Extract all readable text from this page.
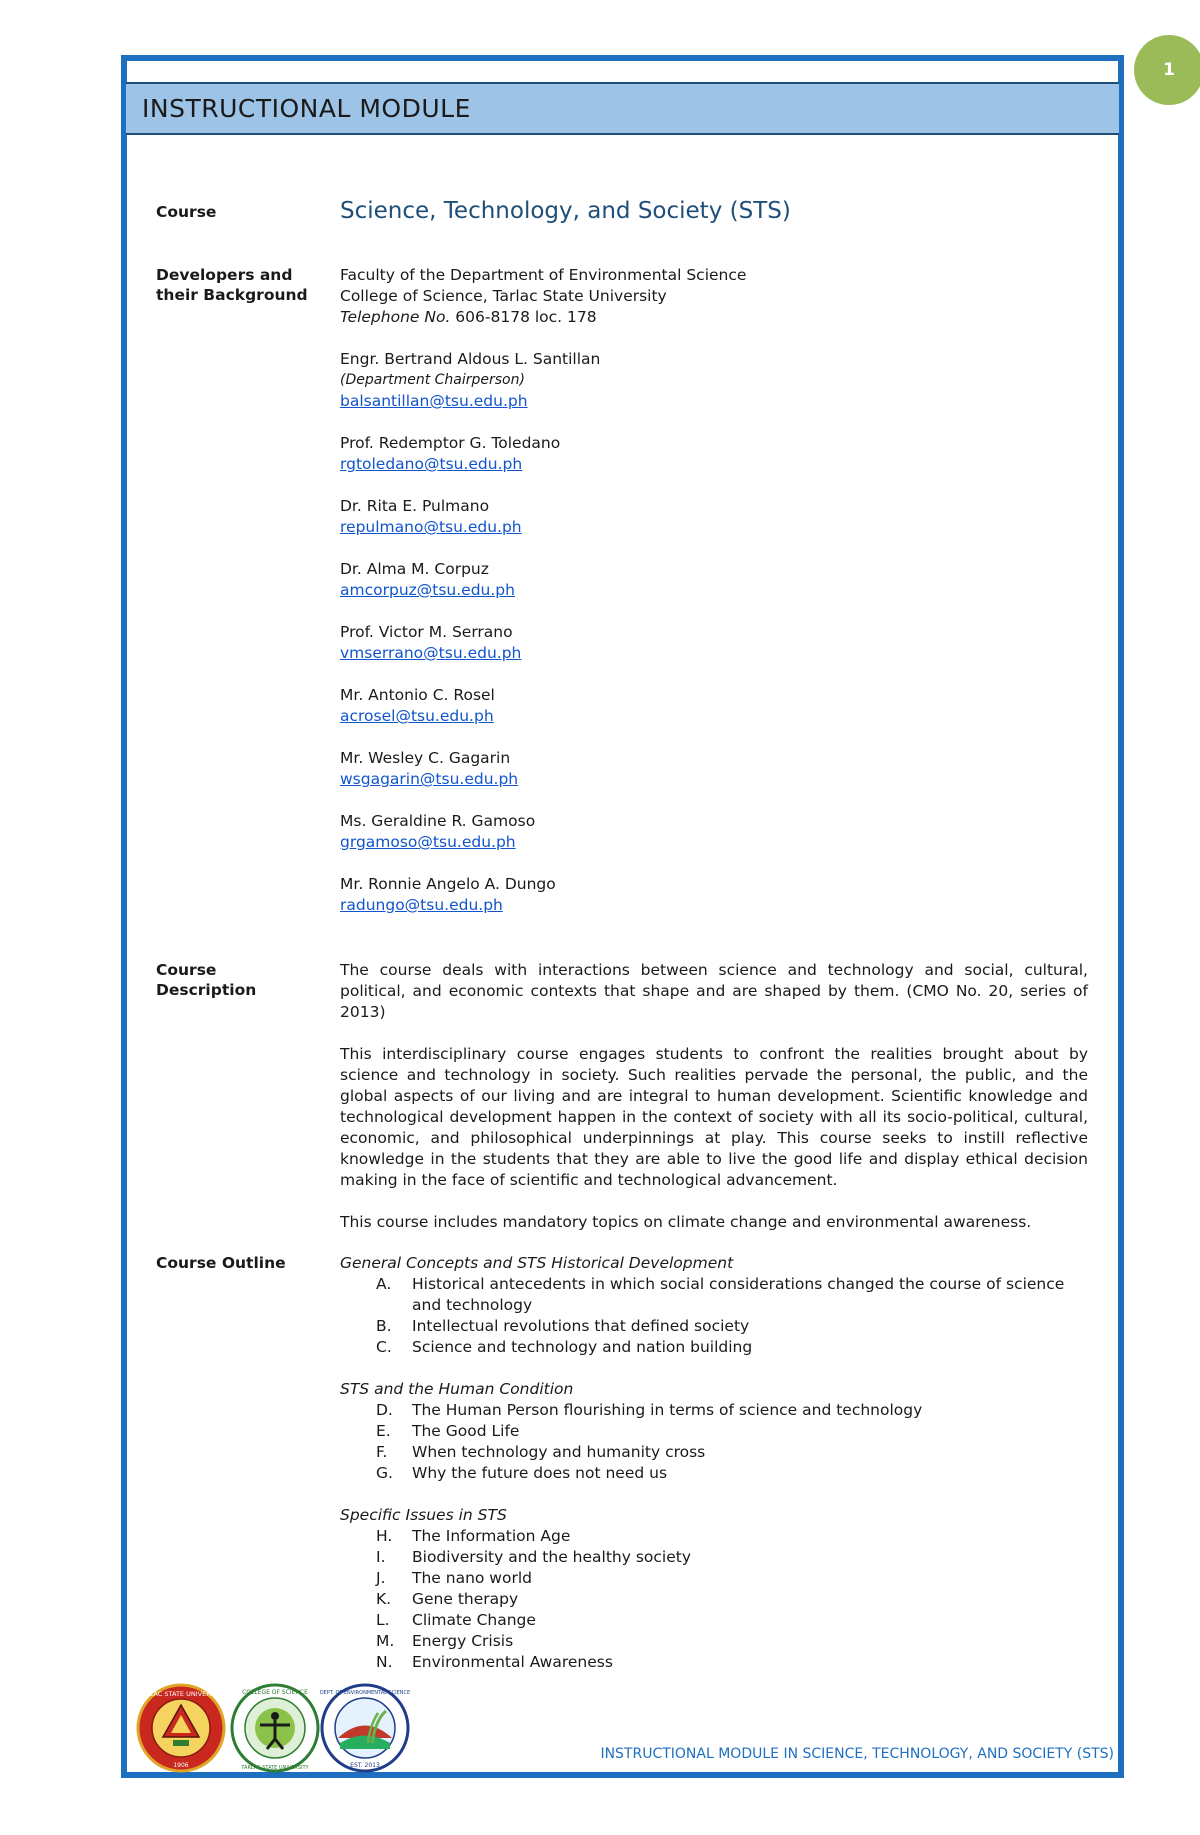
1
INSTRUCTIONAL MODULE
Course	Science, Technology, and Society (STS)
Developers and
their Background
Faculty of the Department of Environmental Science
College of Science, Tarlac State University
Telephone No. 606-8178 loc. 178
Engr. Bertrand Aldous L. Santillan
(Department Chairperson)
balsantillan@tsu.edu.ph
Prof. Redemptor G. Toledano
rgtoledano@tsu.edu.ph
Dr. Rita E. Pulmano
repulmano@tsu.edu.ph
Dr. Alma M. Corpuz
amcorpuz@tsu.edu.ph
Prof. Victor M. Serrano
vmserrano@tsu.edu.ph
Mr. Antonio C. Rosel
acrosel@tsu.edu.ph
Mr. Wesley C. Gagarin
wsgagarin@tsu.edu.ph
Ms. Geraldine R. Gamoso
grgamoso@tsu.edu.ph
Mr. Ronnie Angelo A. Dungo
radungo@tsu.edu.ph
Course
Description

The course deals with interactions between science and technology and social, cultural, political, and economic contexts that shape and are shaped by them. (CMO No. 20, series of 2013)

This interdisciplinary course engages students to confront the realities brought about by science and technology in society. Such realities pervade the personal, the public, and the global aspects of our living and are integral to human development. Scientific knowledge and technological development happen in the context of society with all its socio-political, cultural, economic, and philosophical underpinnings at play. This course seeks to instill reflective knowledge in the students that they are able to live the good life and display ethical decision making in the face of scientific and technological advancement.

This course includes mandatory topics on climate change and environmental awareness.

Course Outline	General Concepts and STS Historical Development
A. Historical antecedents in which social considerations changed the course of science and technology
B. Intellectual revolutions that defined society
C. Science and technology and nation building
STS and the Human Condition
D. The Human Person flourishing in terms of science and technology
E. The Good Life
F. When technology and humanity cross
G. Why the future does not need us
Specific Issues in STS
H. The Information Age
I. Biodiversity and the healthy society
J. The nano world
K. Gene therapy
L. Climate Change
M. Energy Crisis
N. Environmental Awareness
TARLAC STATE UNIVERSITY
1906
COLLEGE OF SCIENCE
TARLAC STATE UNIVERSITY
DEPT. OF ENVIRONMENTAL SCIENCE
EST. 2013
INSTRUCTIONAL MODULE IN SCIENCE, TECHNOLOGY, AND SOCIETY (STS)
